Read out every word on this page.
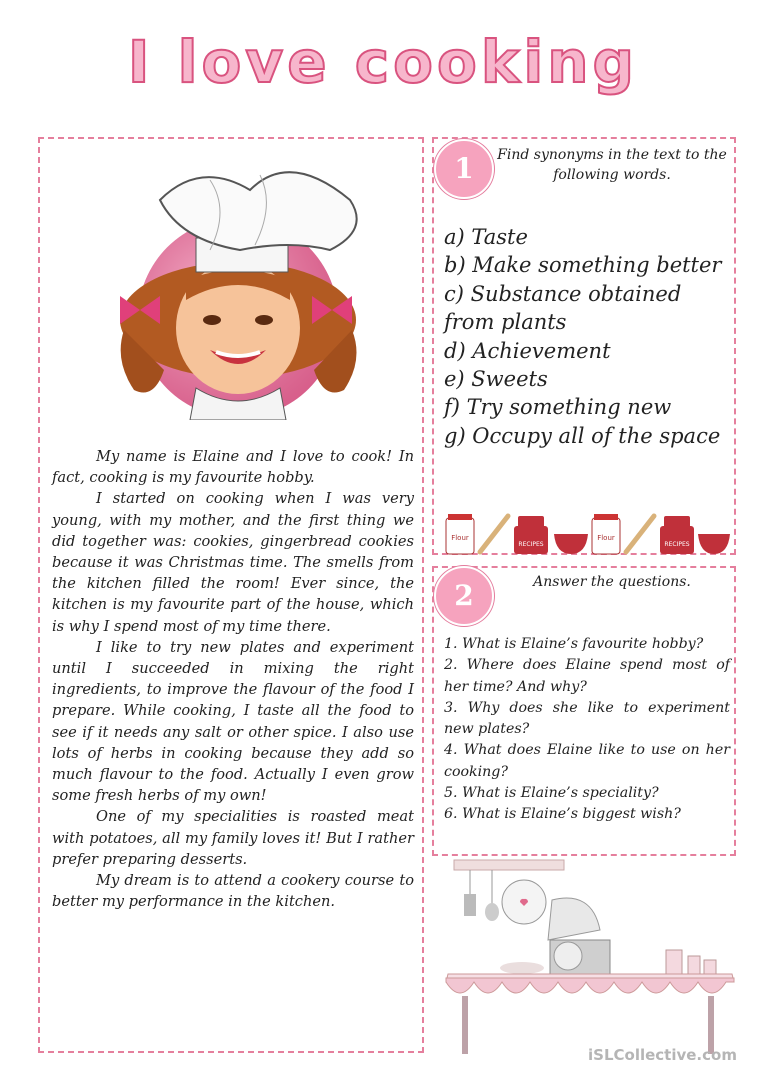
I love cooking

My name is Elaine and I love to cook! In fact, cooking is my favourite hobby.

I started on cooking when I was very young, with my mother, and the first thing we did together was: cookies, gingerbread cookies because it was Christmas time. The smells from the kitchen filled the room! Ever since, the kitchen is my favourite part of the house, which is why I spend most of my time there.

I like to try new plates and experiment until I succeeded in mixing the right ingredients, to improve the flavour of the food I prepare. While cooking, I taste all the food to see if it needs any salt or other spice. I also use lots of herbs in cooking because they add so much flavour to the food. Actually I even grow some fresh herbs of my own!

One of my specialities is roasted meat with potatoes, all my family loves it! But I rather prefer preparing desserts.

My dream is to attend a cookery course to better my performance in the kitchen.

1	Find synonyms in the text to the following words.
a) Taste
b) Make something better
c) Substance obtained from plants
d) Achievement
e) Sweets
f) Try something new
g) Occupy all of the space
Flour
RECIPES
Flour
RECIPES
2	Answer the questions.
1. What is Elaine’s favourite hobby?
2. Where does Elaine spend most of her time? And why?
3. Why does she like to experiment new plates?
4. What does Elaine like to use on her cooking?
5. What is Elaine’s speciality?
6. What is Elaine’s biggest wish?
iSLCollective.com
